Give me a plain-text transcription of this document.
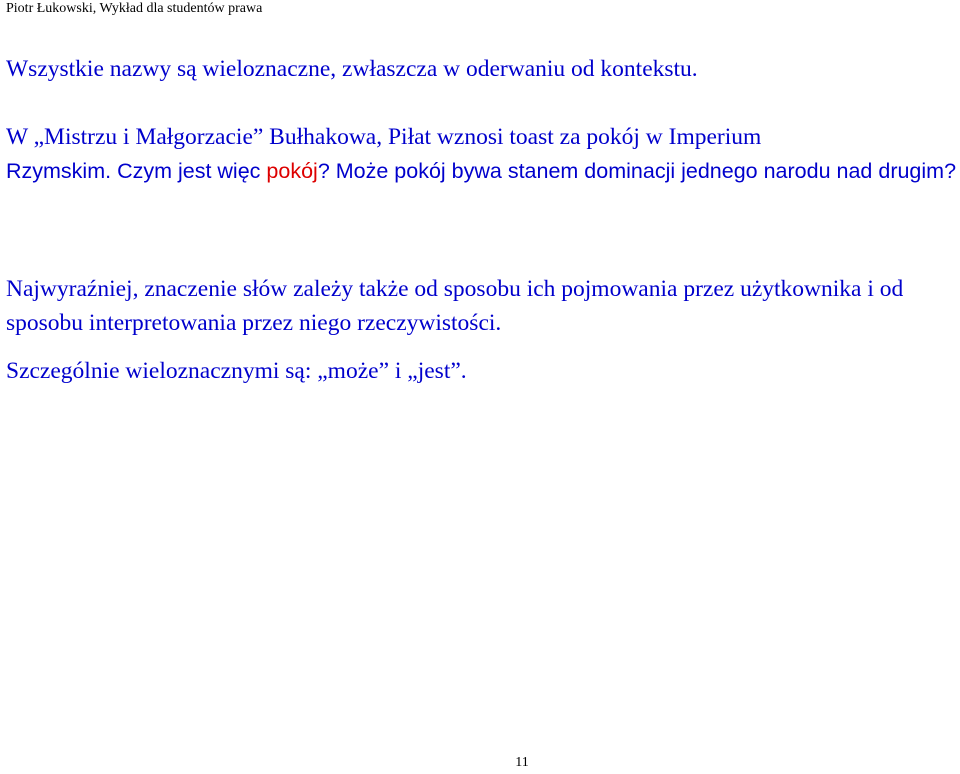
Piotr Łukowski, Wykład dla studentów prawa

Wszystkie nazwy są wieloznaczne, zwłaszcza w oderwaniu od kontekstu.

W „Mistrzu i Małgorzacie” Bułhakowa, Piłat wznosi toast za pokój w Imperium
Rzymskim. Czym jest więc pokój? Może pokój bywa stanem dominacji jednego narodu nad drugim?

Najwyraźniej, znaczenie słów zależy także od sposobu ich pojmowania przez użytkownika i od sposobu interpretowania przez niego rzeczywistości.

Szczególnie wieloznacznymi są: „może” i „jest”.

11
